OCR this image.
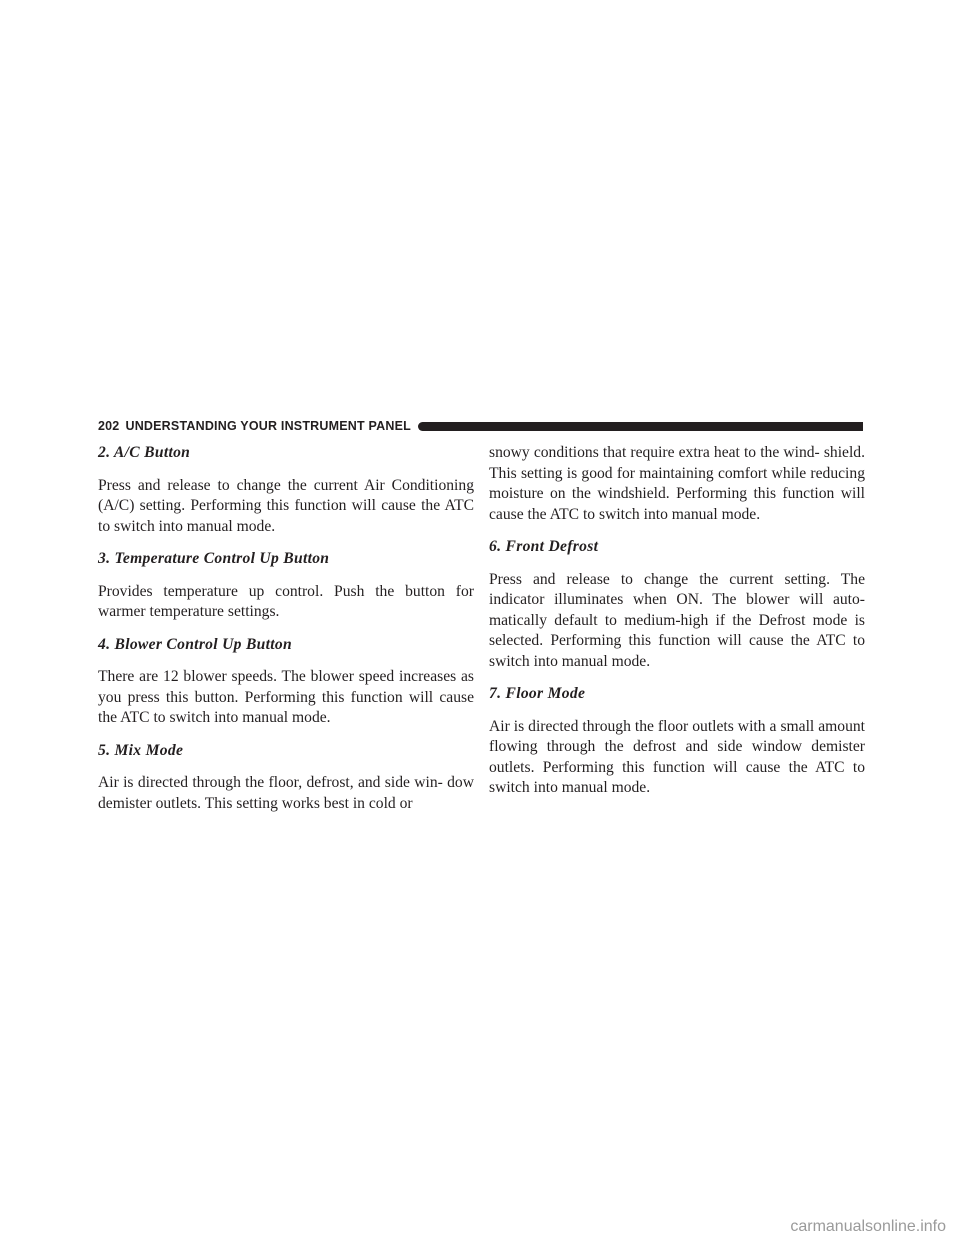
202 UNDERSTANDING YOUR INSTRUMENT PANEL
2. A/C Button

Press and release to change the current Air Conditioning (A/C) setting. Performing this function will cause the ATC to switch into manual mode.

3. Temperature Control Up Button

Provides temperature up control. Push the button for warmer temperature settings.

4. Blower Control Up Button

There are 12 blower speeds. The blower speed increases as you press this button. Performing this function will cause the ATC to switch into manual mode.

5. Mix Mode

Air is directed through the floor, defrost, and side win- dow demister outlets. This setting works best in cold or

snowy conditions that require extra heat to the wind- shield. This setting is good for maintaining comfort while reducing moisture on the windshield. Performing this function will cause the ATC to switch into manual mode.

6. Front Defrost

Press and release to change the current setting. The indicator illuminates when ON. The blower will auto- matically default to medium-high if the Defrost mode is selected. Performing this function will cause the ATC to switch into manual mode.

7. Floor Mode

Air is directed through the floor outlets with a small amount flowing through the defrost and side window demister outlets. Performing this function will cause the ATC to switch into manual mode.

carmanualsonline.info
